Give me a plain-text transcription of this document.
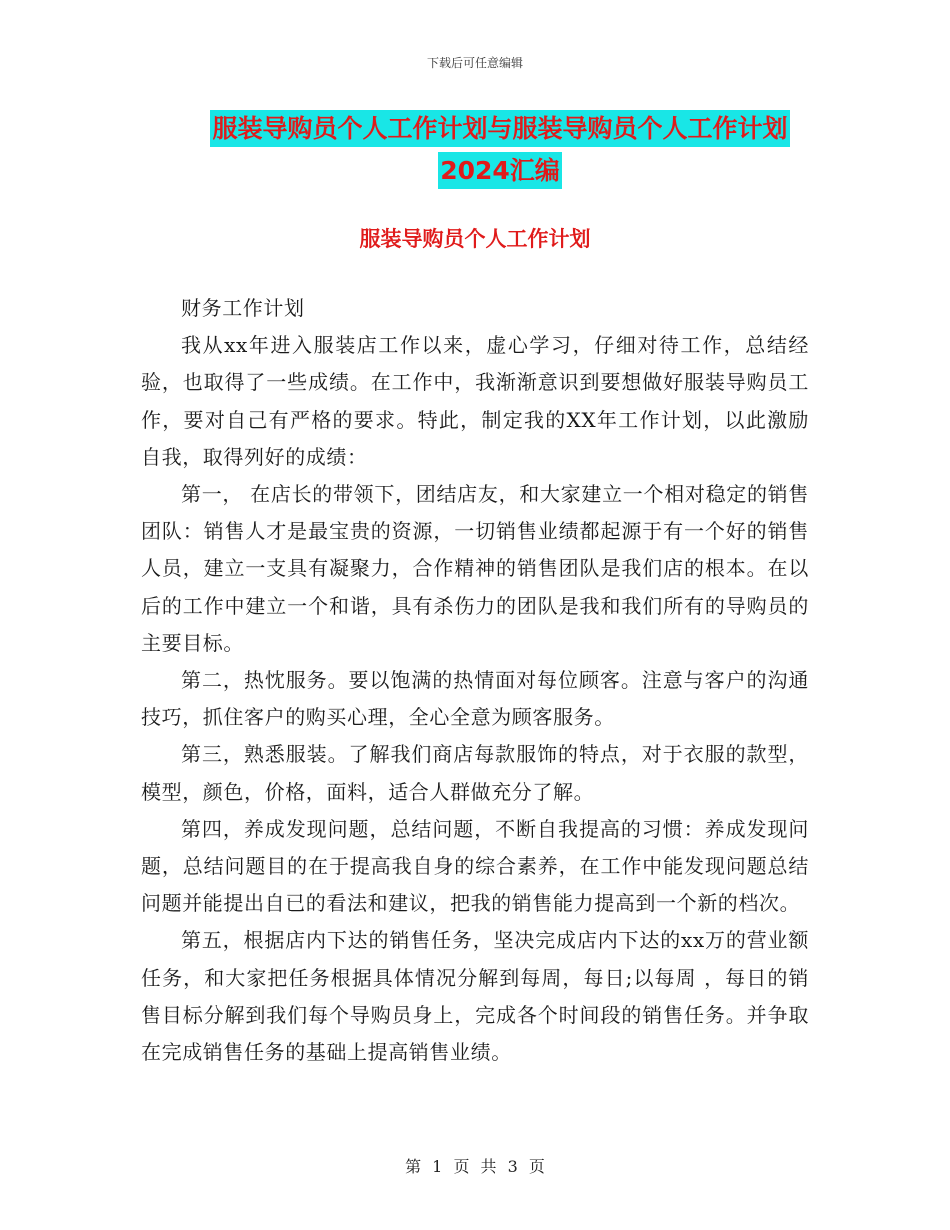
下载后可任意编辑
服装导购员个人工作计划与服装导购员个人工作计划
2024汇编
服装导购员个人工作计划

财务工作计划

我从xx年进入服装店工作以来，虚心学习，仔细对待工作，总结经验，也取得了一些成绩。在工作中，我渐渐意识到要想做好服装导购员工作，要对自己有严格的要求。特此，制定我的XX年工作计划，以此激励自我，取得列好的成绩：

第一， 在店长的带领下，团结店友，和大家建立一个相对稳定的销售团队：销售人才是最宝贵的资源，一切销售业绩都起源于有一个好的销售人员，建立一支具有凝聚力，合作精神的销售团队是我们店的根本。在以后的工作中建立一个和谐，具有杀伤力的团队是我和我们所有的导购员的主要目标。

第二，热忱服务。要以饱满的热情面对每位顾客。注意与客户的沟通技巧，抓住客户的购买心理，全心全意为顾客服务。

第三，熟悉服装。了解我们商店每款服饰的特点，对于衣服的款型，模型，颜色，价格，面料，适合人群做充分了解。

第四，养成发现问题，总结问题，不断自我提高的习惯：养成发现问题，总结问题目的在于提高我自身的综合素养，在工作中能发现问题总结问题并能提出自已的看法和建议，把我的销售能力提高到一个新的档次。

第五，根据店内下达的销售任务，坚决完成店内下达的xx万的营业额任务，和大家把任务根据具体情况分解到每周，每日;以每周 ，每日的销售目标分解到我们每个导购员身上，完成各个时间段的销售任务。并争取在完成销售任务的基础上提高销售业绩。

第 1 页 共 3 页
